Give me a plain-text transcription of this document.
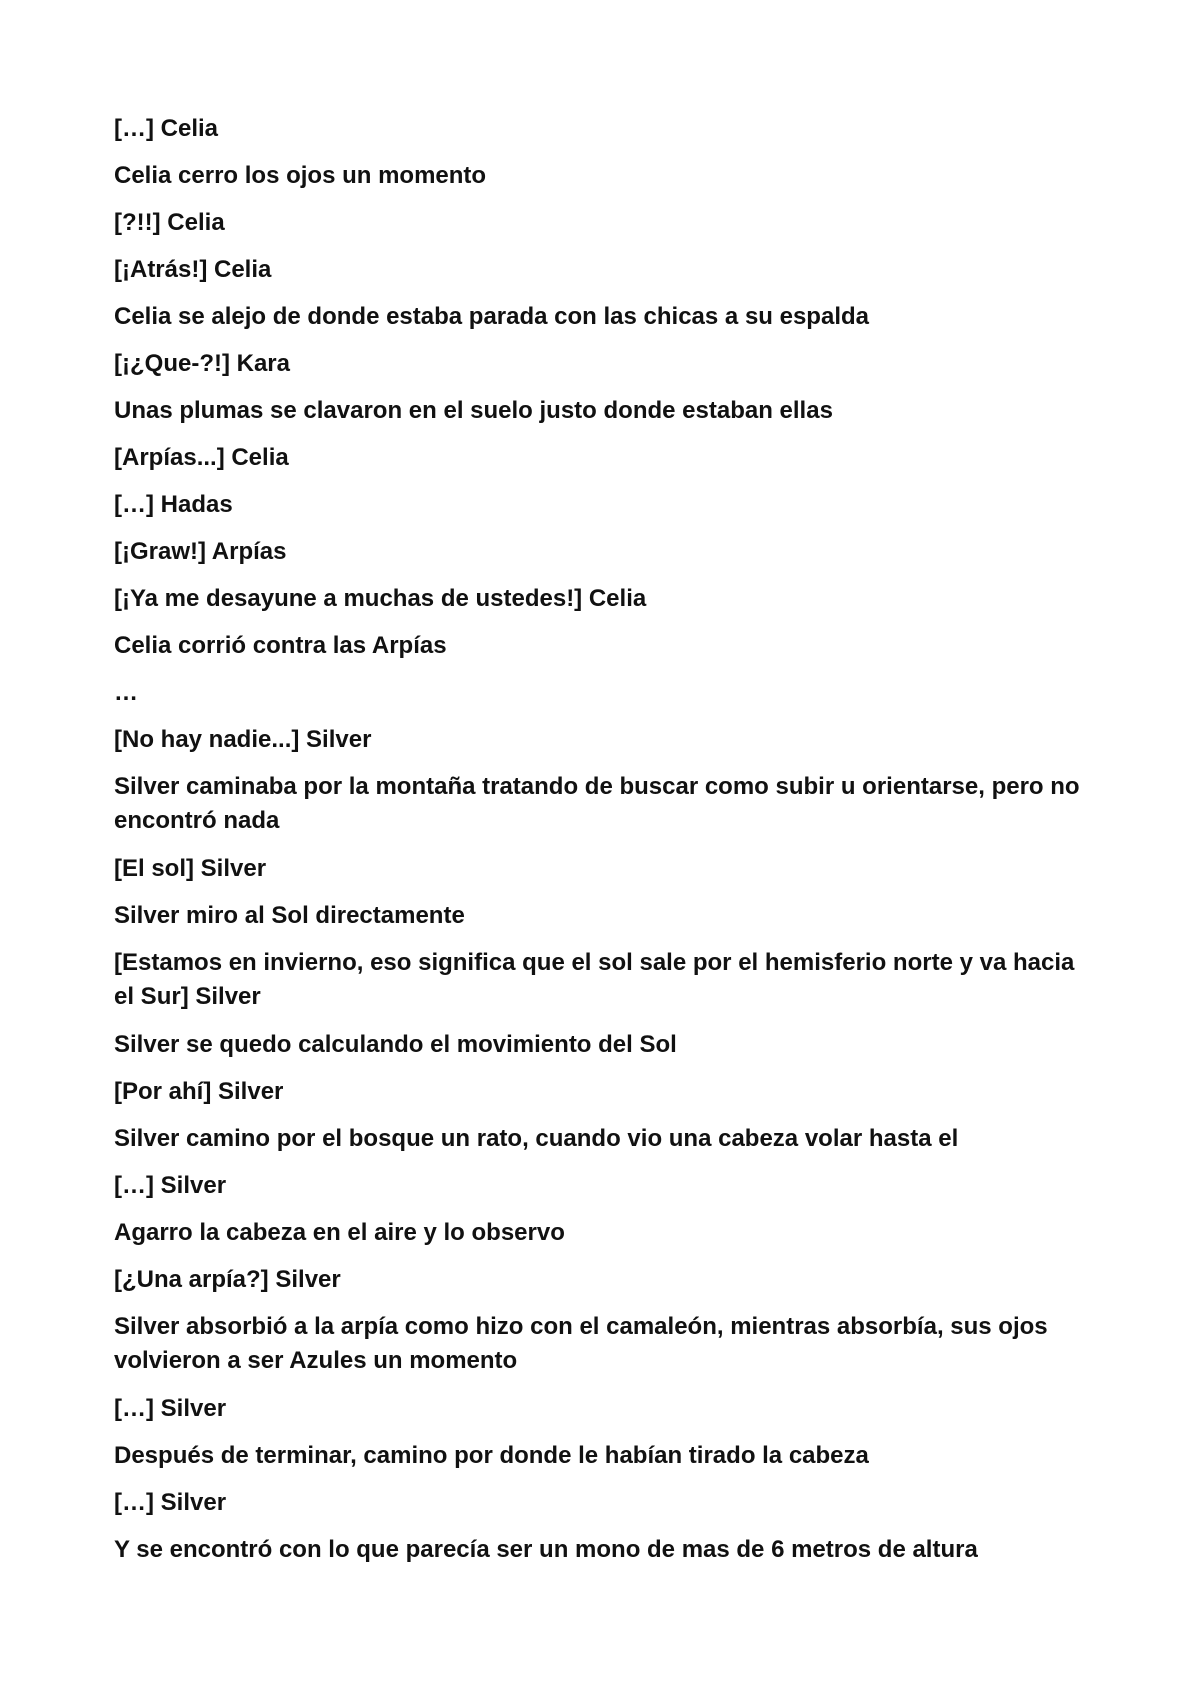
[…] Celia

Celia cerro los ojos un momento

[?!!] Celia

[¡Atrás!] Celia

Celia se alejo de donde estaba parada con las chicas a su espalda

[¡¿Que-?!] Kara

Unas plumas se clavaron en el suelo justo donde estaban ellas

[Arpías...] Celia

[…] Hadas

[¡Graw!] Arpías

[¡Ya me desayune a muchas de ustedes!] Celia

Celia corrió contra las Arpías

…

[No hay nadie...] Silver

Silver caminaba por la montaña tratando de buscar como subir u orientarse, pero no encontró nada

[El sol] Silver

Silver miro al Sol directamente

[Estamos en invierno, eso significa que el sol sale por el hemisferio norte y va hacia el Sur] Silver

Silver se quedo calculando el movimiento del Sol

[Por ahí] Silver

Silver camino por el bosque un rato, cuando vio una cabeza volar hasta el

[…] Silver

Agarro la cabeza en el aire y lo observo

[¿Una arpía?] Silver

Silver absorbió a la arpía como hizo con el camaleón, mientras absorbía, sus ojos volvieron a ser Azules un momento

[…] Silver

Después de terminar, camino por donde le habían tirado la cabeza

[…] Silver

Y se encontró con lo que parecía ser un mono de mas de 6 metros de altura
